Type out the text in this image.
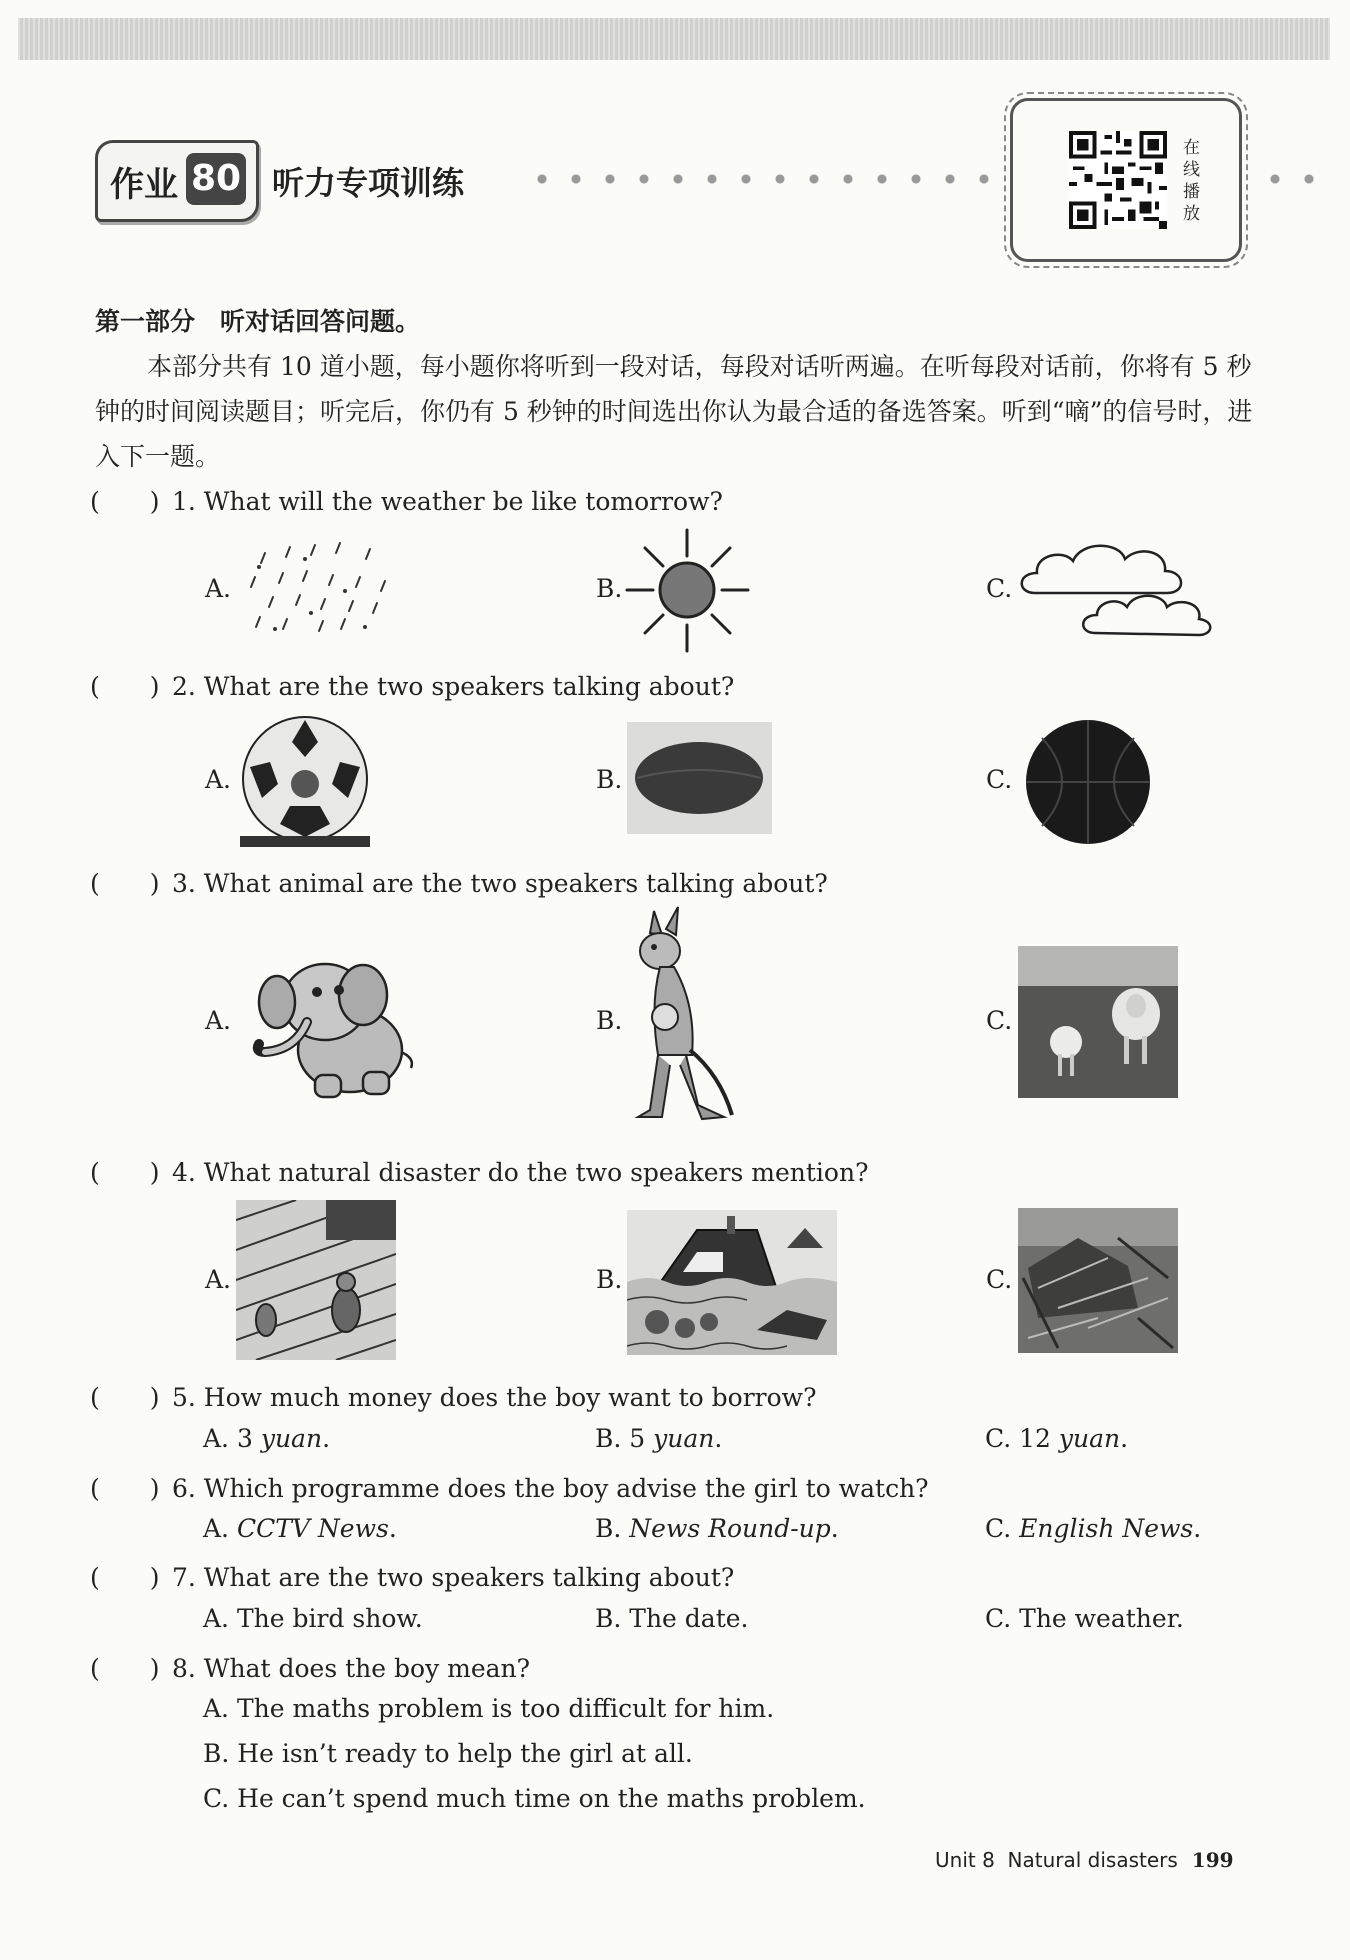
作业 80 听力专项训练
在线播放
第一部分　听对话回答问题。
本部分共有 10 道小题，每小题你将听到一段对话，每段对话听两遍。在听每段对话前，你将有 5 秒钟的时间阅读题目；听完后，你仍有 5 秒钟的时间选出你认为最合适的备选答案。听到“嘀”的信号时，进入下一题。
(　　) 1. What will the weather be like tomorrow?
A.	B.	C.
(　　) 2. What are the two speakers talking about?
A.	B.	C.
(　　) 3. What animal are the two speakers talking about?
A.	B.	C.
(　　) 4. What natural disaster do the two speakers mention?
A.	B.	C.
(　　) 5. How much money does the boy want to borrow?
A. 3 yuan.	B. 5 yuan.	C. 12 yuan.
(　　) 6. Which programme does the boy advise the girl to watch?
A. CCTV News.	B. News Round-up.	C. English News.
(　　) 7. What are the two speakers talking about?
A. The bird show.	B. The date.	C. The weather.
(　　) 8. What does the boy mean?
A. The maths problem is too difficult for him.
B. He isn’t ready to help the girl at all.
C. He can’t spend much time on the maths problem.
Unit 8 Natural disasters 199
